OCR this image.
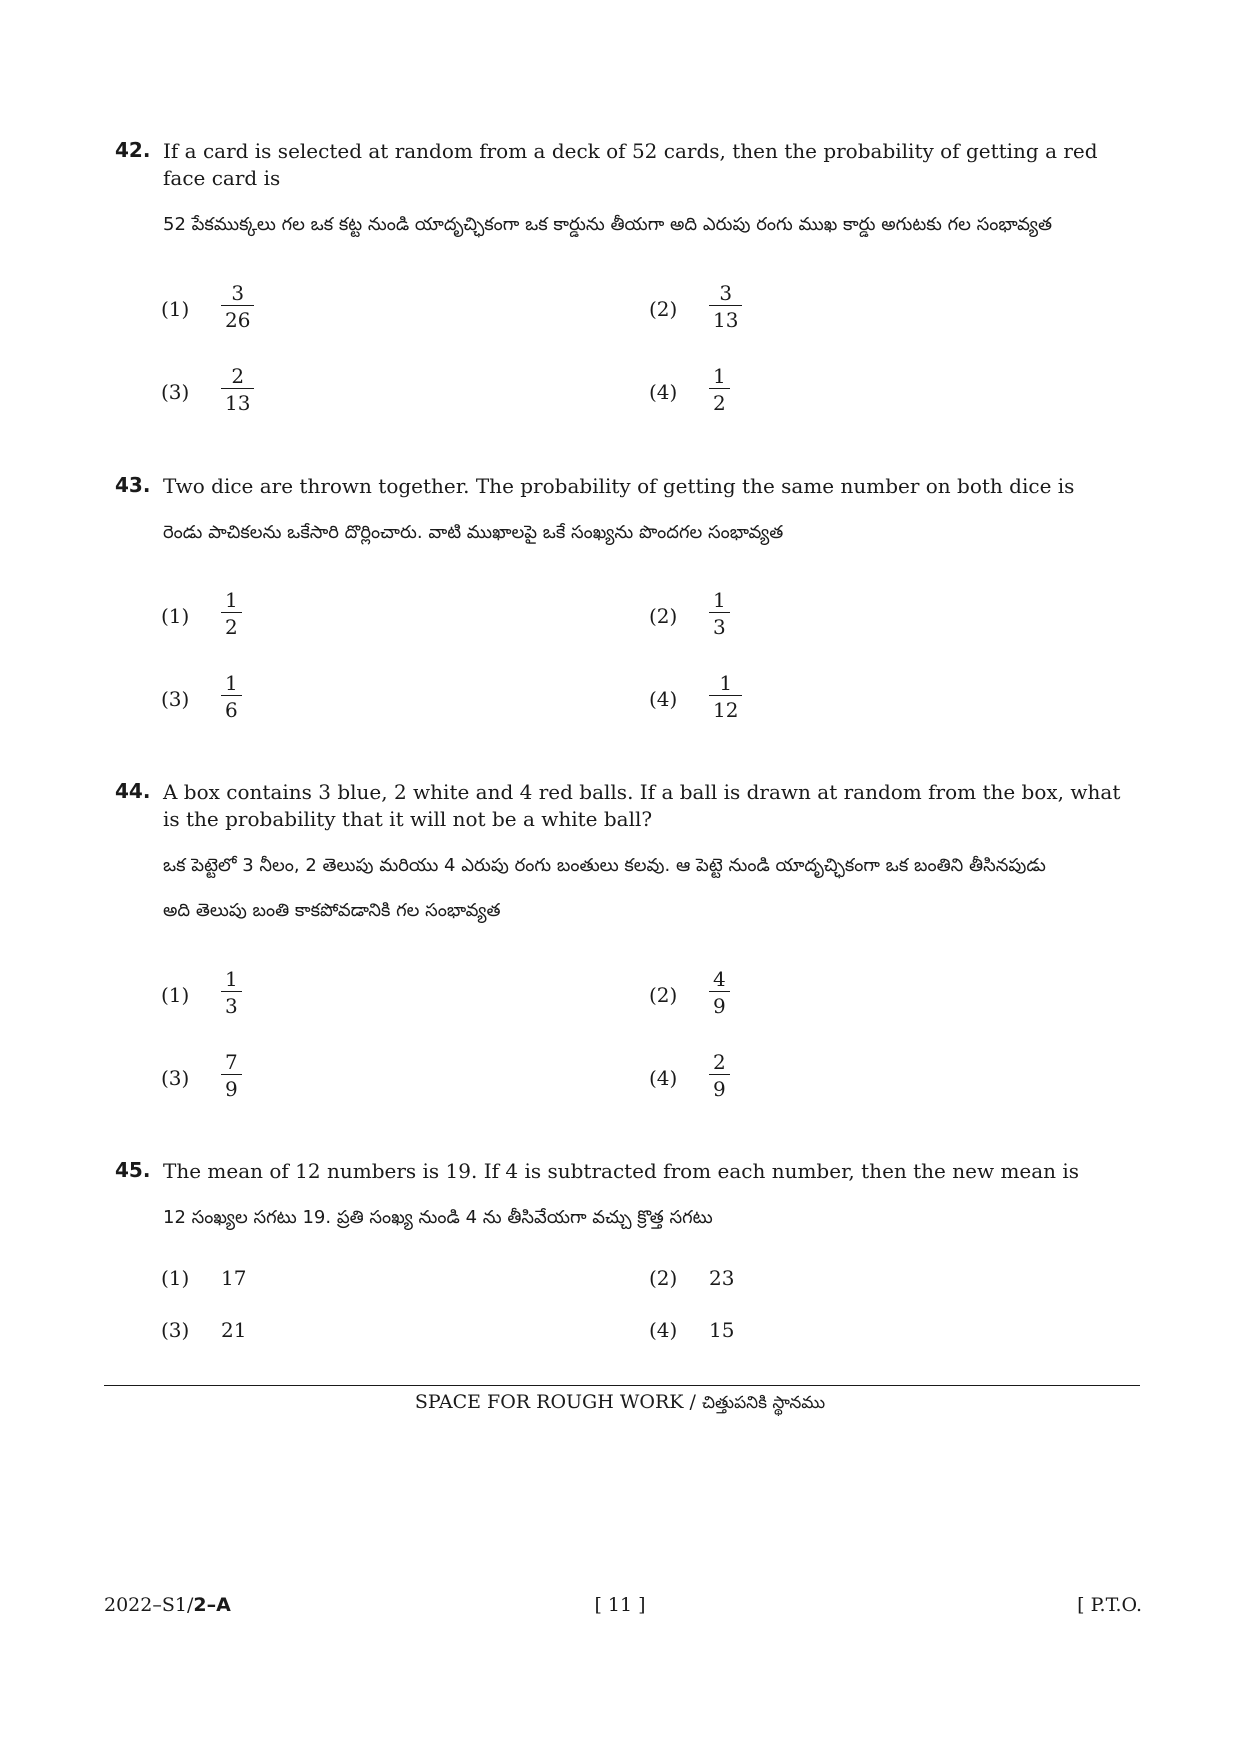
42. If a card is selected at random from a deck of 52 cards, then the probability of getting a red face card is
52 పేకముక్కలు గల ఒక కట్ట నుండి యాదృచ్ఛికంగా ఒక కార్డును తీయగా అది ఎరుపు రంగు ముఖ కార్డు అగుటకు గల సంభావ్యత
$(1) \frac{3}{26}$	$(2) \frac{3}{13}$
$(3) \frac{2}{13}$	$(4) \frac{1}{2}$
43. Two dice are thrown together. The probability of getting the same number on both dice is
రెండు పాచికలను ఒకేసారి దొర్లించారు. వాటి ముఖాలపై ఒకే సంఖ్యను పొందగల సంభావ్యత
$(1) \frac{1}{2}$	$(2) \frac{1}{3}$
$(3) \frac{1}{6}$	$(4) \frac{1}{12}$
44. A box contains 3 blue, 2 white and 4 red balls. If a ball is drawn at random from the box, what is the probability that it will not be a white ball?
ఒక పెట్టెలో 3 నీలం, 2 తెలుపు మరియు 4 ఎరుపు రంగు బంతులు కలవు. ఆ పెట్టె నుండి యాదృచ్ఛికంగా ఒక బంతిని తీసినపుడు
అది తెలుపు బంతి కాకపోవడానికి గల సంభావ్యత
$(1) \frac{1}{3}$	$(2) \frac{4}{9}$
$(3) \frac{7}{9}$	$(4) \frac{2}{9}$
45. The mean of 12 numbers is 19. If 4 is subtracted from each number, then the new mean is
12 సంఖ్యల సగటు 19. ప్రతి సంఖ్య నుండి 4 ను తీసివేయగా వచ్చు క్రొత్త సగటు
(1) 17	(2) 23
(3) 21	(4) 15
SPACE FOR ROUGH WORK / చిత్తుపనికి స్థానము
2022–S1/2–A	[ 11 ]	[ P.T.O.
